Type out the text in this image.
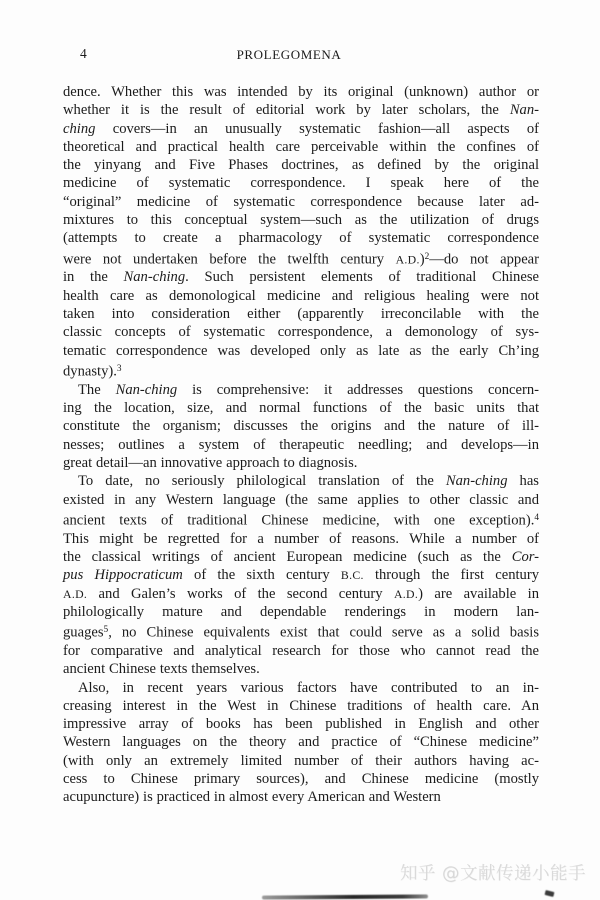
4	PROLEGOMENA
dence. Whether this was intended by its original (unknown) author or
whether it is the result of editorial work by later scholars, the Nan-
ching covers—in an unusually systematic fashion—all aspects of
theoretical and practical health care perceivable within the confines of
the yinyang and Five Phases doctrines, as defined by the original
medicine of systematic correspondence. I speak here of the
“original” medicine of systematic correspondence because later ad-
mixtures to this conceptual system—such as the utilization of drugs
(attempts to create a pharmacology of systematic correspondence
were not undertaken before the twelfth century A.D.)$^2$—do not appear
in the Nan-ching. Such persistent elements of traditional Chinese
health care as demonological medicine and religious healing were not
taken into consideration either (apparently irreconcilable with the
classic concepts of systematic correspondence, a demonology of sys-
tematic correspondence was developed only as late as the early Ch’ing
dynasty).$^3$
The Nan-ching is comprehensive: it addresses questions concern-
ing the location, size, and normal functions of the basic units that
constitute the organism; discusses the origins and the nature of ill-
nesses; outlines a system of therapeutic needling; and develops—in
great detail—an innovative approach to diagnosis.
To date, no seriously philological translation of the Nan-ching has
existed in any Western language (the same applies to other classic and
ancient texts of traditional Chinese medicine, with one exception).$^4$
This might be regretted for a number of reasons. While a number of
the classical writings of ancient European medicine (such as the Cor-
pus Hippocraticum of the sixth century B.C. through the first century
A.D. and Galen’s works of the second century A.D.) are available in
philologically mature and dependable renderings in modern lan-
guages$^5$, no Chinese equivalents exist that could serve as a solid basis
for comparative and analytical research for those who cannot read the
ancient Chinese texts themselves.
Also, in recent years various factors have contributed to an in-
creasing interest in the West in Chinese traditions of health care. An
impressive array of books has been published in English and other
Western languages on the theory and practice of “Chinese medicine”
(with only an extremely limited number of their authors having ac-
cess to Chinese primary sources), and Chinese medicine (mostly
acupuncture) is practiced in almost every American and Western
知乎 @文献传递小能手
